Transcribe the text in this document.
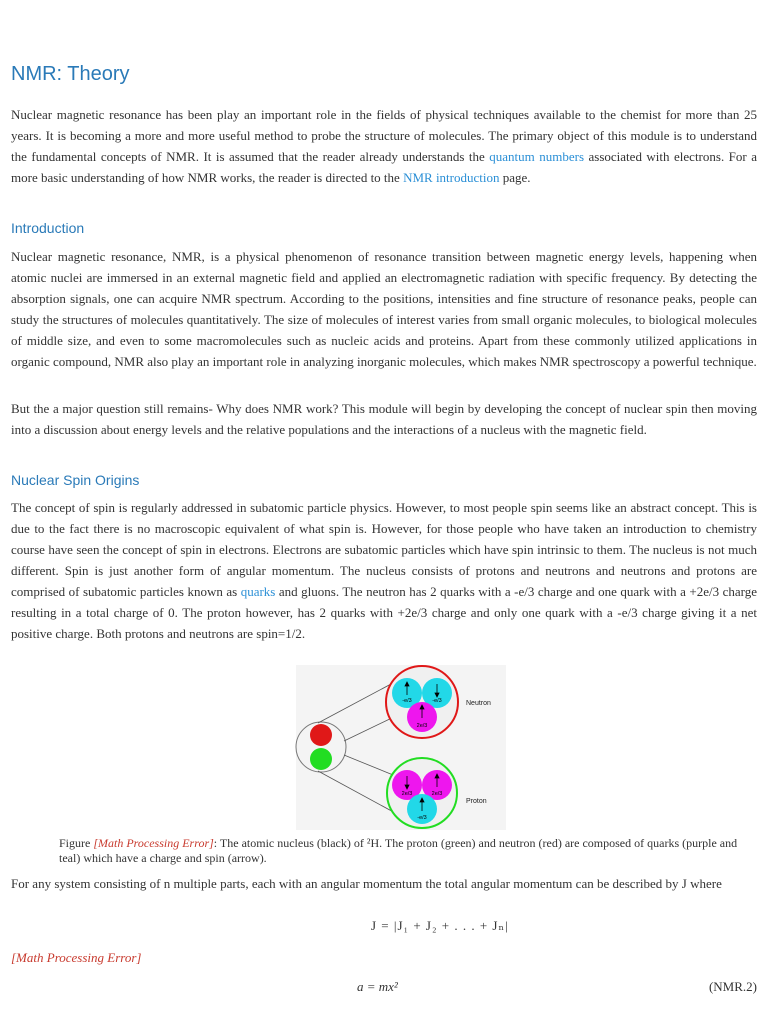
NMR: Theory

Nuclear magnetic resonance has been play an important role in the fields of physical techniques available to the chemist for more than 25 years. It is becoming a more and more useful method to probe the structure of molecules. The primary object of this module is to understand the fundamental concepts of NMR. It is assumed that the reader already understands the quantum numbers associated with electrons. For a more basic understanding of how NMR works, the reader is directed to the NMR introduction page.

Introduction

Nuclear magnetic resonance, NMR, is a physical phenomenon of resonance transition between magnetic energy levels, happening when atomic nuclei are immersed in an external magnetic field and applied an electromagnetic radiation with specific frequency. By detecting the absorption signals, one can acquire NMR spectrum. According to the positions, intensities and fine structure of resonance peaks, people can study the structures of molecules quantitatively. The size of molecules of interest varies from small organic molecules, to biological molecules of middle size, and even to some macromolecules such as nucleic acids and proteins. Apart from these commonly utilized applications in organic compound, NMR also play an important role in analyzing inorganic molecules, which makes NMR spectroscopy a powerful technique.

But the a major question still remains- Why does NMR work? This module will begin by developing the concept of nuclear spin then moving into a discussion about energy levels and the relative populations and the interactions of a nucleus with the magnetic field.

Nuclear Spin Origins

The concept of spin is regularly addressed in subatomic particle physics. However, to most people spin seems like an abstract concept. This is due to the fact there is no macroscopic equivalent of what spin is. However, for those people who have taken an introduction to chemistry course have seen the concept of spin in electrons. Electrons are subatomic particles which have spin intrinsic to them. The nucleus is not much different. Spin is just another form of angular momentum. The nucleus consists of protons and neutrons and neutrons and protons are comprised of subatomic particles known as quarks and gluons. The neutron has 2 quarks with a -e/3 charge and one quark with a +2e/3 charge resulting in a total charge of 0. The proton however, has 2 quarks with +2e/3 charge and only one quark with a -e/3 charge giving it a net positive charge. Both protons and neutrons are spin=1/2.

-e/3	-e/3
2e/3
Neutron
2e/3	2e/3
-e/3
Proton
Figure [Math Processing Error]: The atomic nucleus (black) of ²H. The proton (green) and neutron (red) are composed of quarks (purple and teal) which have a charge and spin (arrow).

For any system consisting of n multiple parts, each with an angular momentum the total angular momentum can be described by J where

$^{J = |J_1 + J_2 + . . . + J_n|}$
[Math Processing Error]
a = mx²	(NMR.2)
